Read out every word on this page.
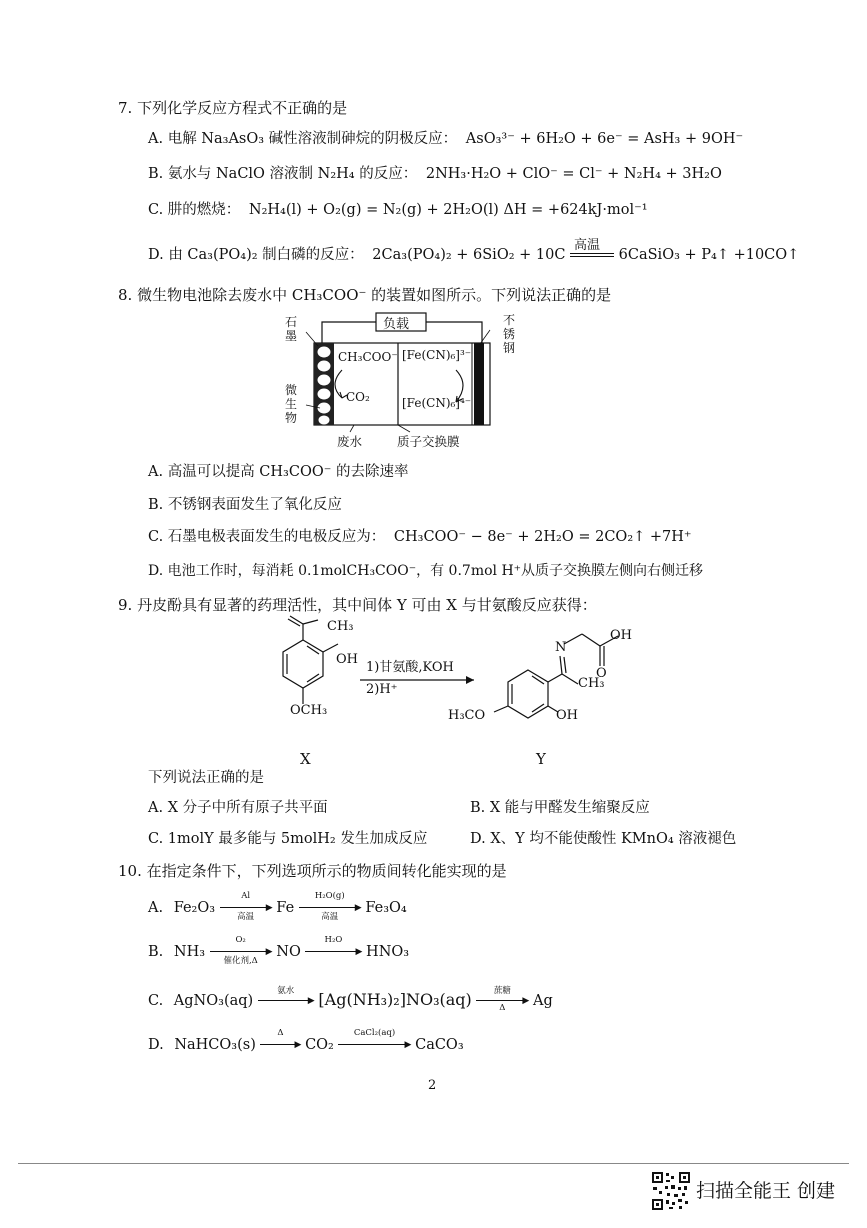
7. 下列化学反应方程式不正确的是
A. 电解 Na₃AsO₃ 碱性溶液制砷烷的阴极反应： AsO₃³⁻ + 6H₂O + 6e⁻ = AsH₃ + 9OH⁻
B. 氨水与 NaClO 溶液制 N₂H₄ 的反应： 2NH₃·H₂O + ClO⁻ = Cl⁻ + N₂H₄ + 3H₂O
C. 肼的燃烧： N₂H₄(l) + O₂(g) = N₂(g) + 2H₂O(l) ΔH = +624kJ·mol⁻¹
D. 由 Ca₃(PO₄)₂ 制白磷的反应： 2Ca₃(PO₄)₂ + 6SiO₂ + 10C
高温
6CaSiO₃ + P₄↑ +10CO↑
8. 微生物电池除去废水中 CH₃COO⁻ 的装置如图所示。下列说法正确的是
负载
石墨
不锈钢
微生物
CH₃COO⁻
CO₂
[Fe(CN)₆]³⁻
[Fe(CN)₆]⁴⁻
废水	质子交换膜
A. 高温可以提高 CH₃COO⁻ 的去除速率
B. 不锈钢表面发生了氧化反应
C. 石墨电极表面发生的电极反应为： CH₃COO⁻ − 8e⁻ + 2H₂O = 2CO₂↑ +7H⁺
D. 电池工作时，每消耗 0.1molCH₃COO⁻，有 0.7mol H⁺从质子交换膜左侧向右侧迁移
9. 丹皮酚具有显著的药理活性，其中间体 Y 可由 X 与甘氨酸反应获得：
CH₃
OH
OCH₃
1)甘氨酸,KOH
2)H⁺
N
OH
O
CH₃
OH
H₃CO
X	Y
下列说法正确的是
A. X 分子中所有原子共平面	B. X 能与甲醛发生缩聚反应
C. 1molY 最多能与 5molH₂ 发生加成反应	D. X、Y 均不能使酸性 KMnO₄ 溶液褪色
10. 在指定条件下，下列选项所示的物质间转化能实现的是
A. Fe₂O₃
Al
▶
高温
Fe
H₂O(g)
▶
高温
Fe₃O₄
B. NH₃
O₂
▶
催化剂,Δ
NO
H₂O
▶ HNO₃
C. AgNO₃(aq)
氨水
▶ [Ag(NH₃)₂]NO₃(aq)	蔗糖
▶
Δ	Ag
D. NaHCO₃(s)
Δ
▶ CO₂
CaCl₂(aq)
▶ CaCO₃
2
扫描全能王 创建
